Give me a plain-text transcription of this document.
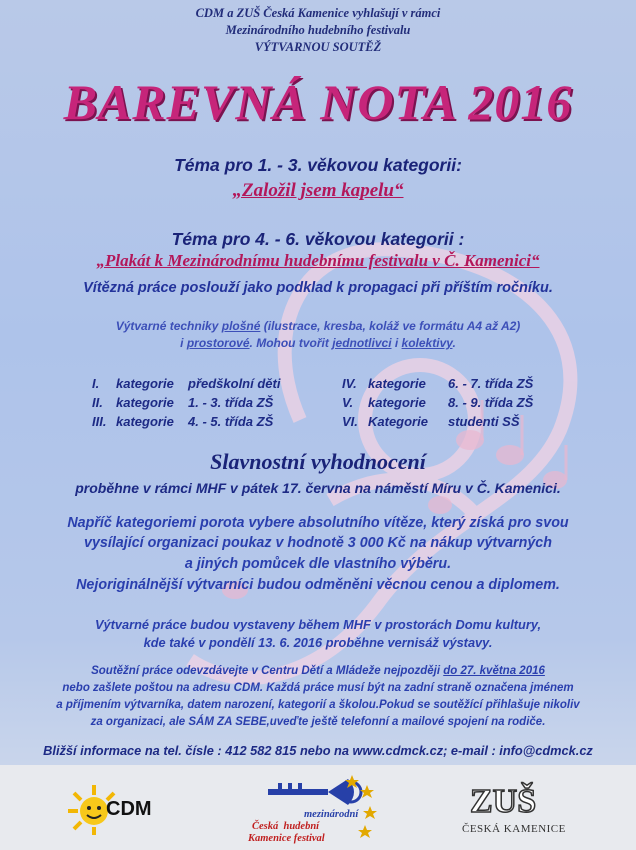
CDM a ZUŠ Česká Kamenice vyhlašují v rámci
Mezinárodního hudebního festivalu
VÝTVARNOU SOUTĚŽ
BAREVNÁ NOTA 2016
Téma pro 1. - 3. věkovou kategorii:
„Založil jsem kapelu“
Téma pro 4. - 6. věkovou kategorii :
„Plakát k Mezinárodnímu hudebnímu festivalu v Č. Kamenici“
Vítězná práce poslouží jako podklad k propagaci při příštím ročníku.
Výtvarné techniky plošné (ilustrace, kresba, koláž ve formátu A4 až A2)
i prostorové. Mohou tvořit jednotlivci i kolektivy.
I. kategorie předškolní děti
II. kategorie 1. - 3. třída ZŠ
III. kategorie 4. - 5. třída ZŠ
IV. kategorie 6. - 7. třída ZŠ
V. kategorie 8. - 9. třída ZŠ
VI. Kategorie studenti SŠ
Slavnostní vyhodnocení
proběhne v rámci MHF v pátek 17. června na náměstí Míru v Č. Kamenici.
Napříč kategoriemi porota vybere absolutního vítěze, který získá pro svou
vysílající organizaci poukaz v hodnotě 3 000 Kč na nákup výtvarných
a jiných pomůcek dle vlastního výběru.
Nejoriginálnější výtvarníci budou odměněni věcnou cenou a diplomem.
Výtvarné práce budou vystaveny během MHF v prostorách Domu kultury,
kde také v pondělí 13. 6. 2016 proběhne vernisáž výstavy.
Soutěžní práce odevzdávejte v Centru Dětí a Mládeže nejpozději do 27. května 2016
nebo zašlete poštou na adresu CDM. Každá práce musí být na zadní straně označena jménem
a příjmením výtvarníka, datem narození, kategorií a školou.Pokud se soutěžící přihlašuje nikoliv
za organizaci, ale SÁM ZA SEBE,uveďte ještě telefonní a mailové spojení na rodiče.
Bližší informace na tel. čísle : 412 582 815 nebo na www.cdmck.cz; e-mail : info@cdmck.cz
CDM	mezinárodní
Česká  hudební
Kamenice festival
ZUŠ
ČESKÁ KAMENICE
